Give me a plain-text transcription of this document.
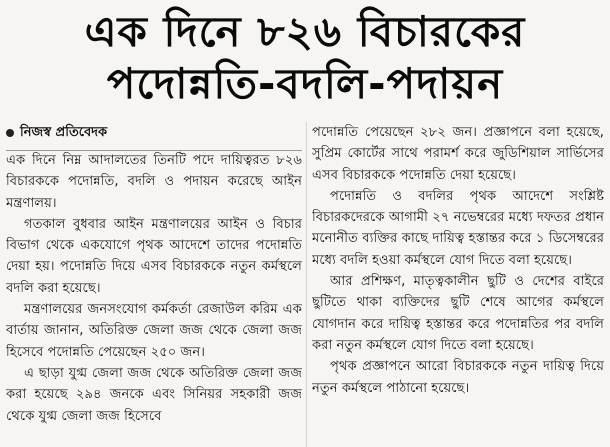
এক দিনে ৮২৬ বিচারকের
পদোন্নতি-বদলি-পদায়ন
নিজস্ব প্রতিবেদক

এক দিনে নিম্ন আদালতের তিনটি পদে দায়িত্বরত ৮২৬ বিচারককে পদোন্নতি, বদলি ও পদায়ন করেছে আইন মন্ত্রণালয়।

গতকাল বুধবার আইন মন্ত্রণালয়ের আইন ও বিচার বিভাগ থেকে একযোগে পৃথক আদেশে তাদের পদোন্নতি দেয়া হয়। পদোন্নতি দিয়ে এসব বিচারককে নতুন কর্মস্থলে বদলি করা হয়েছে।

মন্ত্রণালয়ের জনসংযোগ কর্মকর্তা রেজাউল করিম এক বার্তায় জানান, অতিরিক্ত জেলা জজ থেকে জেলা জজ হিসেবে পদোন্নতি পেয়েছেন ২৫০ জন।

এ ছাড়া যুগ্ম জেলা জজ থেকে অতিরিক্ত জেলা জজ করা হয়েছে ২৯৪ জনকে এবং সিনিয়র সহকারী জজ থেকে যুগ্ম জেলা জজ হিসেবে

পদোন্নতি পেয়েছেন ২৮২ জন। প্রজ্ঞাপনে বলা হয়েছে, সুপ্রিম কোর্টের সাথে পরামর্শ করে জুডিশিয়াল সার্ভিসের এসব বিচারককে পদোন্নতি দেয়া হয়েছে।

পদোন্নতি ও বদলির পৃথক আদেশে সংশ্লিষ্ট বিচারকদেরকে আগামী ২৭ নভেম্বরের মধ্যে দফতর প্রধান মনোনীত ব্যক্তির কাছে দায়িত্ব হস্তান্তর করে ১ ডিসেম্বরের মধ্যে বদলি হওয়া কর্মস্থলে যোগ দিতে বলা হয়েছে।

আর প্রশিক্ষণ, মাতৃত্বকালীন ছুটি ও দেশের বাইরে ছুটিতে থাকা ব্যক্তিদের ছুটি শেষে আগের কর্মস্থলে যোগদান করে দায়িত্ব হস্তান্তর করে পদোন্নতির পর বদলি করা নতুন কর্মস্থলে যোগ দিতে বলা হয়েছে।

পৃথক প্রজ্ঞাপনে আরো বিচারককে নতুন দায়িত্ব দিয়ে নতুন কর্মস্থলে পাঠানো হয়েছে।
